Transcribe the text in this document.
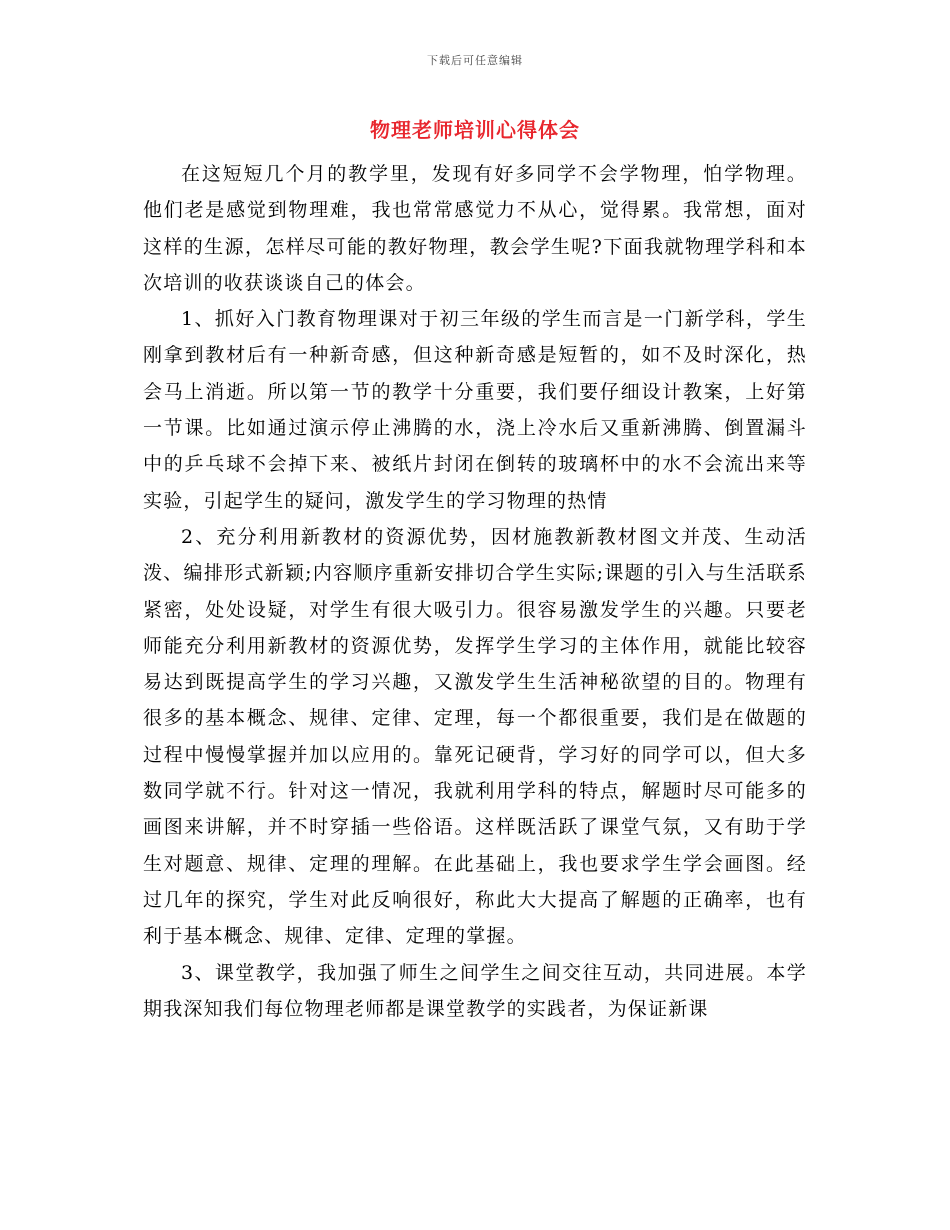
下载后可任意编辑
物理老师培训心得体会

在这短短几个月的教学里，发现有好多同学不会学物理，怕学物理。他们老是感觉到物理难，我也常常感觉力不从心，觉得累。我常想，面对这样的生源，怎样尽可能的教好物理，教会学生呢?下面我就物理学科和本次培训的收获谈谈自己的体会。

1、抓好入门教育物理课对于初三年级的学生而言是一门新学科，学生刚拿到教材后有一种新奇感，但这种新奇感是短暂的，如不及时深化，热会马上消逝。所以第一节的教学十分重要，我们要仔细设计教案，上好第一节课。比如通过演示停止沸腾的水，浇上冷水后又重新沸腾、倒置漏斗中的乒乓球不会掉下来、被纸片封闭在倒转的玻璃杯中的水不会流出来等实验，引起学生的疑问，激发学生的学习物理的热情

2、充分利用新教材的资源优势，因材施教新教材图文并茂、生动活泼、编排形式新颖;内容顺序重新安排切合学生实际;课题的引入与生活联系紧密，处处设疑，对学生有很大吸引力。很容易激发学生的兴趣。只要老师能充分利用新教材的资源优势，发挥学生学习的主体作用，就能比较容易达到既提高学生的学习兴趣，又激发学生生活神秘欲望的目的。物理有很多的基本概念、规律、定律、定理，每一个都很重要，我们是在做题的过程中慢慢掌握并加以应用的。靠死记硬背，学习好的同学可以，但大多数同学就不行。针对这一情况，我就利用学科的特点，解题时尽可能多的画图来讲解，并不时穿插一些俗语。这样既活跃了课堂气氛，又有助于学生对题意、规律、定理的理解。在此基础上，我也要求学生学会画图。经过几年的探究，学生对此反响很好，称此大大提高了解题的正确率，也有利于基本概念、规律、定律、定理的掌握。

3、课堂教学，我加强了师生之间学生之间交往互动，共同进展。本学期我深知我们每位物理老师都是课堂教学的实践者，为保证新课
